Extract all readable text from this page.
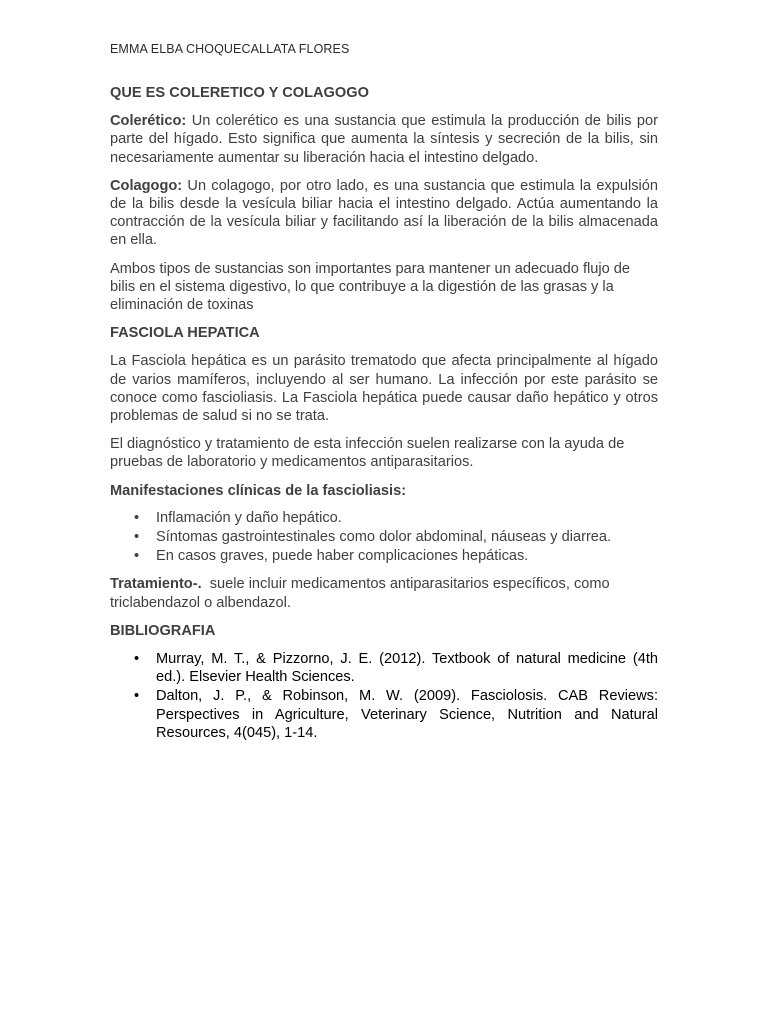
EMMA ELBA CHOQUECALLATA FLORES
QUE ES COLERETICO Y COLAGOGO

Colerético: Un colerético es una sustancia que estimula la producción de bilis por parte del hígado. Esto significa que aumenta la síntesis y secreción de la bilis, sin necesariamente aumentar su liberación hacia el intestino delgado.

Colagogo: Un colagogo, por otro lado, es una sustancia que estimula la expulsión de la bilis desde la vesícula biliar hacia el intestino delgado. Actúa aumentando la contracción de la vesícula biliar y facilitando así la liberación de la bilis almacenada en ella.

Ambos tipos de sustancias son importantes para mantener un adecuado flujo de bilis en el sistema digestivo, lo que contribuye a la digestión de las grasas y la eliminación de toxinas

FASCIOLA HEPATICA

La Fasciola hepática es un parásito trematodo que afecta principalmente al hígado de varios mamíferos, incluyendo al ser humano. La infección por este parásito se conoce como fascioliasis. La Fasciola hepática puede causar daño hepático y otros problemas de salud si no se trata.

El diagnóstico y tratamiento de esta infección suelen realizarse con la ayuda de pruebas de laboratorio y medicamentos antiparasitarios.

Manifestaciones clínicas de la fascioliasis:
• Inflamación y daño hepático.
• Síntomas gastrointestinales como dolor abdominal, náuseas y diarrea.
• En casos graves, puede haber complicaciones hepáticas.

Tratamiento-. suele incluir medicamentos antiparasitarios específicos, como triclabendazol o albendazol.

BIBLIOGRAFIA
• Murray, M. T., & Pizzorno, J. E. (2012). Textbook of natural medicine (4th ed.). Elsevier Health Sciences.
• Dalton, J. P., & Robinson, M. W. (2009). Fasciolosis. CAB Reviews: Perspectives in Agriculture, Veterinary Science, Nutrition and Natural Resources, 4(045), 1-14.
